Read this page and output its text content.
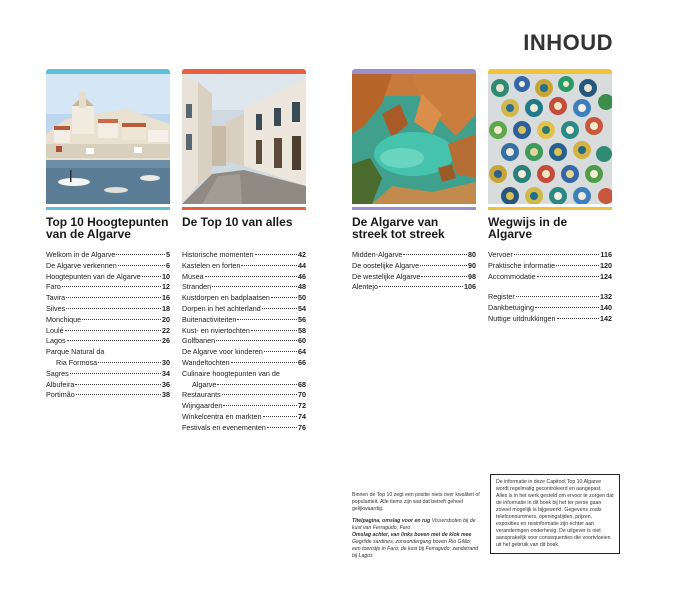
INHOUD
Top 10 Hoogtepunten van de Algarve
Welkom in de Algarve	5
De Algarve verkennen	6
Hoogtepunten van de Algarve	10
Faro	12
Tavira	16
Silves	18
Monchique	20
Loulé	22
Lagos	26
Parque Natural da
Ria Formosa	30
Sagres	34
Albufeira	36
Portimão	38
De Top 10 van alles
Historische momenten	42
Kastelen en forten	44
Musea	46
Stranden	48
Kustdorpen en badplaatsen	50
Dorpen in het achterland	54
Buitenactiviteiten	56
Kust- en riviertochten	58
Golfbanen	60
De Algarve voor kinderen	64
Wandeltochten	66
Culinaire hoogtepunten van de
Algarve	68
Restaurants	70
Wijngaarden	72
Winkelcentra en markten	74
Festivals en evenementen	76
De Algarve van streek tot streek
Midden-Algarve	80
De oostelijke Algarve	90
De westelijke Algarve	98
Alentejo	106
Wegwijs in de Algarve
Vervoer	116
Praktische informatie	120
Accommodatie	124
Register	132
Dankbetuiging	140
Nuttige uitdrukkingen	142

Binnen de Top 10 zegt een positie niets over kwaliteit of populariteit. Alle items zijn wat dat betreft geheel gelijkwaardig.

Titelpagina, omslag voor en rug Vissersboten bij de kust van Ferragudo, Faro
Omslag achter, van links boven met de klok mee Gegrilde sardines; zonsondergang boven Rio Gilão; een toeristje in Faro; de kust bij Ferragudo; zandstrand bij Lagos
De informatie in deze Capitool Top 10 Algarve wordt regelmatig gecontroleerd en aangepast. Alles is in het werk gesteld om ervoor te zorgen dat de informatie in dit boek bij het ter perse gaan zoveel mogelijk is bijgewerkt. Gegevens zoals telefoonnummers, openingstijden, prijzen, exposities en reisinformatie zijn echter aan veranderingen onderhevig. De uitgever is niet aansprakelijk voor consequenties die voortvloeien uit het gebruik van dit boek.
